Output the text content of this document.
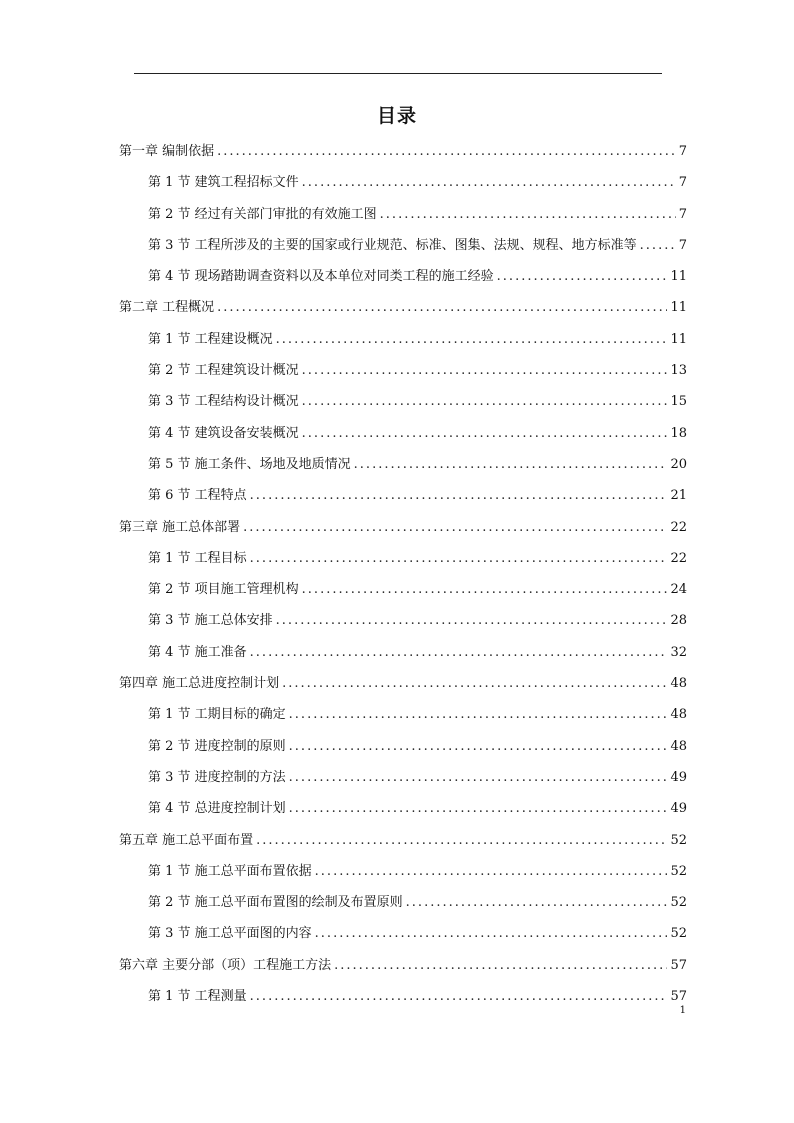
目录
第一章 编制依据 .....	7
第 1 节 建筑工程招标文件 .....	7
第 2 节 经过有关部门审批的有效施工图 .....	7
第 3 节 工程所涉及的主要的国家或行业规范、标准、图集、法规、规程、地方标准等 .....	7
第 4 节 现场踏勘调查资料以及本单位对同类工程的施工经验 .....	11
第二章 工程概况 .....	11
第 1 节 工程建设概况 .....	11
第 2 节 工程建筑设计概况 .....	13
第 3 节 工程结构设计概况 .....	15
第 4 节 建筑设备安装概况 .....	18
第 5 节 施工条件、场地及地质情况 .....	20
第 6 节 工程特点 .....	21
第三章 施工总体部署 .....	22
第 1 节 工程目标 .....	22
第 2 节 项目施工管理机构 .....	24
第 3 节 施工总体安排 .....	28
第 4 节 施工准备 .....	32
第四章 施工总进度控制计划 .....	48
第 1 节 工期目标的确定 .....	48
第 2 节 进度控制的原则 .....	48
第 3 节 进度控制的方法 .....	49
第 4 节 总进度控制计划 .....	49
第五章 施工总平面布置 .....	52
第 1 节 施工总平面布置依据 .....	52
第 2 节 施工总平面布置图的绘制及布置原则 .....	52
第 3 节 施工总平面图的内容 .....	52
第六章 主要分部（项）工程施工方法 .....	57
第 1 节 工程测量 .....	57
1
